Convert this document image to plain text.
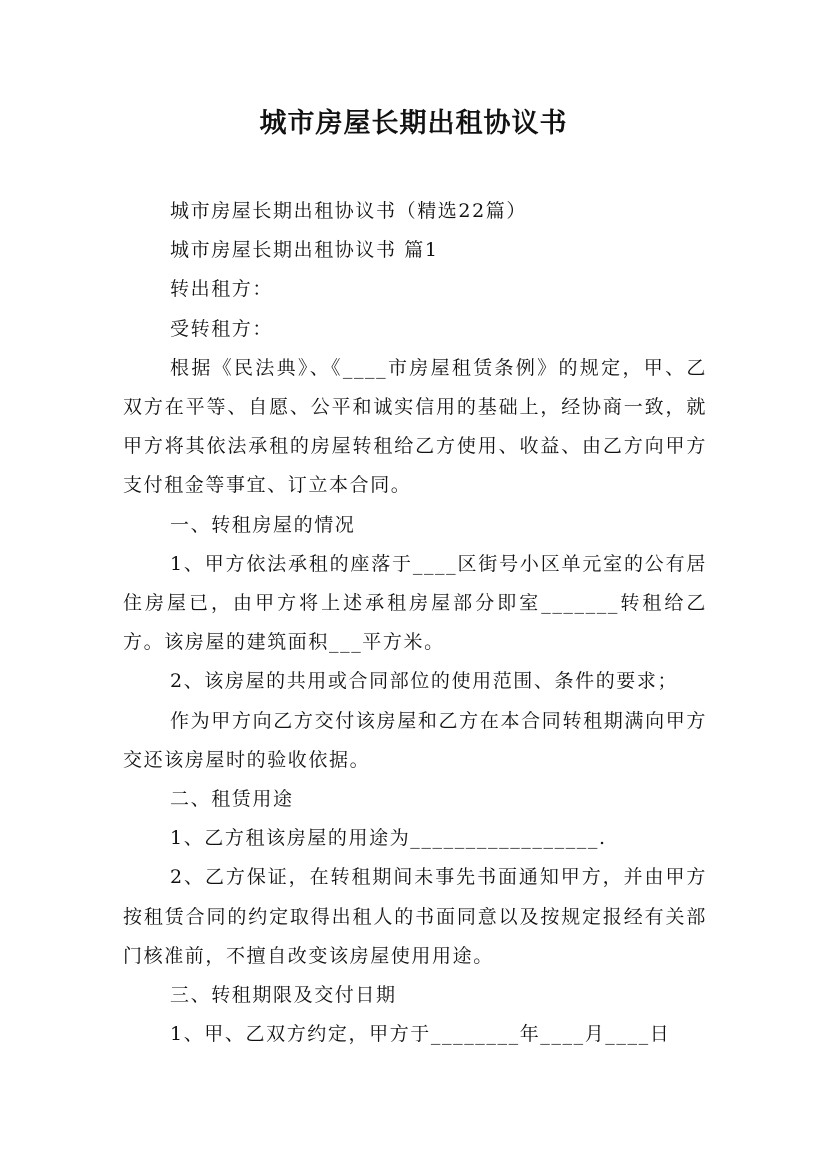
城市房屋长期出租协议书

城市房屋长期出租协议书（精选22篇）

城市房屋长期出租协议书 篇1

转出租方：

受转租方：

根据《民法典》、《____市房屋租赁条例》的规定，甲、乙双方在平等、自愿、公平和诚实信用的基础上，经协商一致，就甲方将其依法承租的房屋转租给乙方使用、收益、由乙方向甲方支付租金等事宜、订立本合同。

一、转租房屋的情况

1、甲方依法承租的座落于____区街号小区单元室的公有居住房屋已，由甲方将上述承租房屋部分即室_______转租给乙方。该房屋的建筑面积___平方米。

2、该房屋的共用或合同部位的使用范围、条件的要求；

作为甲方向乙方交付该房屋和乙方在本合同转租期满向甲方交还该房屋时的验收依据。

二、租赁用途

1、乙方租该房屋的用途为_________________.

2、乙方保证，在转租期间未事先书面通知甲方，并由甲方按租赁合同的约定取得出租人的书面同意以及按规定报经有关部门核准前，不擅自改变该房屋使用用途。

三、转租期限及交付日期

1、甲、乙双方约定，甲方于________年____月____日
